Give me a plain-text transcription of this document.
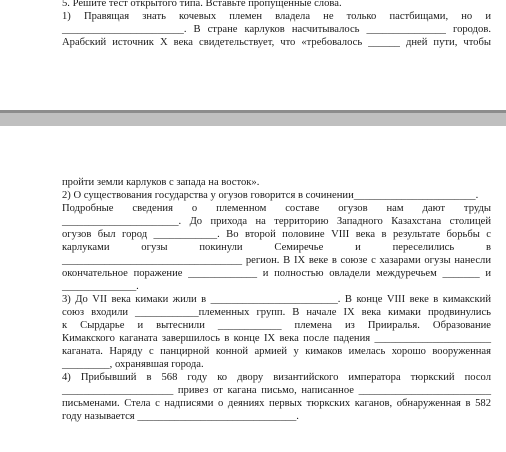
5. Решите тест открытого типа. Вставьте пропущенные слова.
1) Правящая знать кочевых племен владела не только пастбищами, но и
_______________________. В стране карлуков насчитывалось _______________ городов.
Арабский источник X века свидетельствует, что «требовалось ______ дней пути, чтобы
пройти земли карлуков с запада на восток».
2) О существования государства у огузов говорится в сочинении_______________________.
Подробные сведения о племенном составе огузов нам дают труды
______________________. До прихода на территорию Западного Казахстана столицей
огузов был город ____________. Во второй половине VIII века в результате борьбы с
карлуками огузы покинули Семиречье и переселились в
__________________________________ регион. В IX веке в союзе с хазарами огузы нанесли
окончательное поражение _____________ и полностью овладели междуречьем _______ и
______________.
3) До VII века кимаки жили в ________________________. В конце VIII веке в кимакский
союз входили ____________племенных групп. В начале IX века кимаки продвинулись
к Сырдарье и вытеснили ____________ племена из Прииралья. Образование
Кимакского каганата завершилось в конце IX века после падения ______________________
каганата. Наряду с панцирной конной армией у кимаков имелась хорошо вооруженная
_________, охранявшая города.
4) Прибывший в 568 году ко двору византийского императора тюркский посол
_____________________ привез от кагана письмо, написанное _________________________
письменами. Стела с надписями о деяниях первых тюркских каганов, обнаруженная в 582
году называется ______________________________.
